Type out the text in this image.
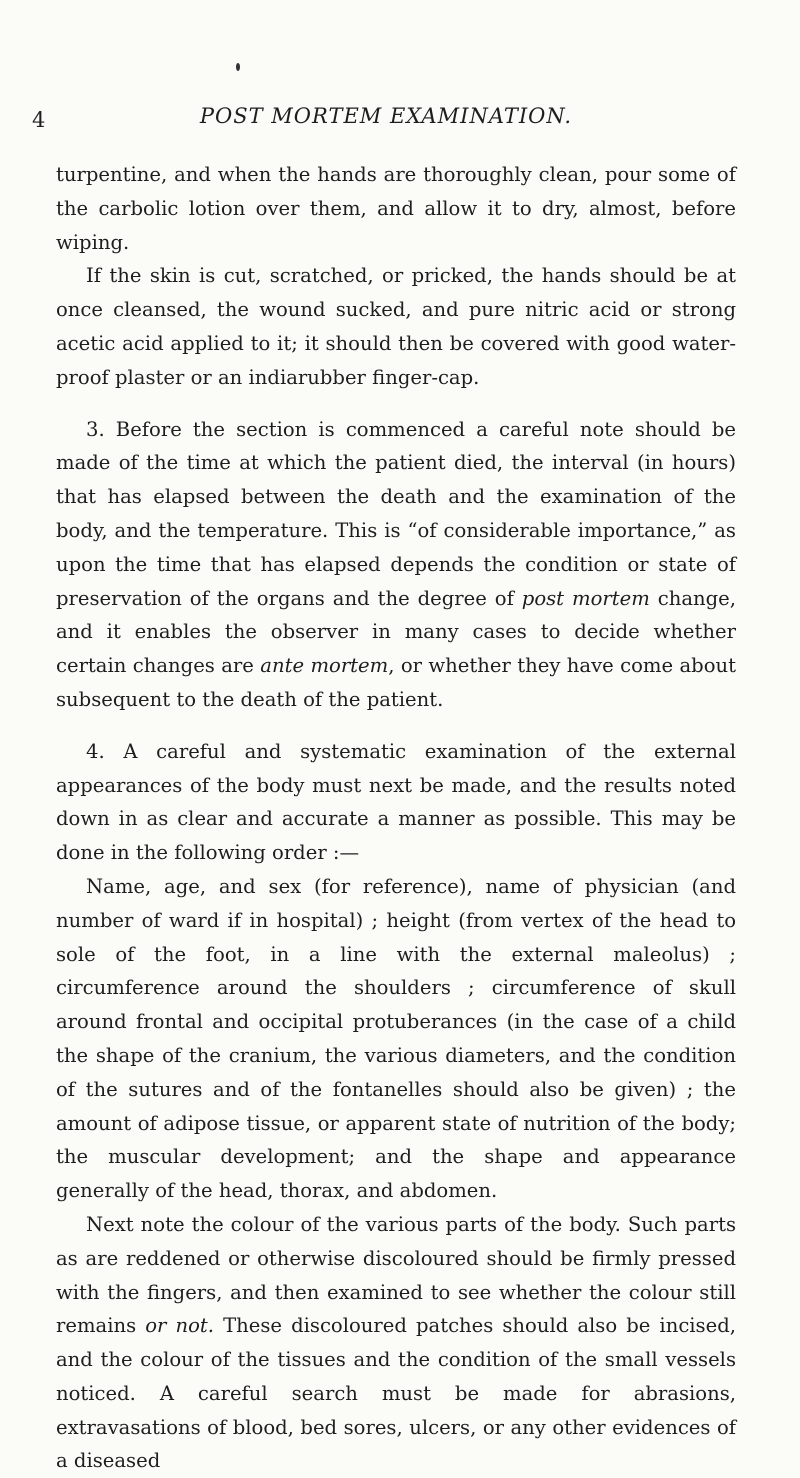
4	POST MORTEM EXAMINATION.

turpentine, and when the hands are thoroughly clean, pour some of the carbolic lotion over them, and allow it to dry, almost, before wiping.

If the skin is cut, scratched, or pricked, the hands should be at once cleansed, the wound sucked, and pure nitric acid or strong acetic acid applied to it; it should then be covered with good water-proof plaster or an indiarubber finger-cap.

3. Before the section is commenced a careful note should be made of the time at which the patient died, the interval (in hours) that has elapsed between the death and the examination of the body, and the temperature. This is “of considerable importance,” as upon the time that has elapsed depends the condition or state of preservation of the organs and the degree of post mortem change, and it enables the observer in many cases to decide whether certain changes are ante mortem, or whether they have come about subsequent to the death of the patient.

4. A careful and systematic examination of the external appearances of the body must next be made, and the results noted down in as clear and accurate a manner as possible. This may be done in the following order :—

Name, age, and sex (for reference), name of physician (and number of ward if in hospital) ; height (from vertex of the head to sole of the foot, in a line with the external maleolus) ; circumference around the shoulders ; circumference of skull around frontal and occipital protuberances (in the case of a child the shape of the cranium, the various diameters, and the condition of the sutures and of the fontanelles should also be given) ; the amount of adipose tissue, or apparent state of nutrition of the body; the muscular development; and the shape and appearance generally of the head, thorax, and abdomen.

Next note the colour of the various parts of the body. Such parts as are reddened or otherwise discoloured should be firmly pressed with the fingers, and then examined to see whether the colour still remains or not. These discoloured patches should also be incised, and the colour of the tissues and the condition of the small vessels noticed. A careful search must be made for abrasions, extravasations of blood, bed sores, ulcers, or any other evidences of a diseased
